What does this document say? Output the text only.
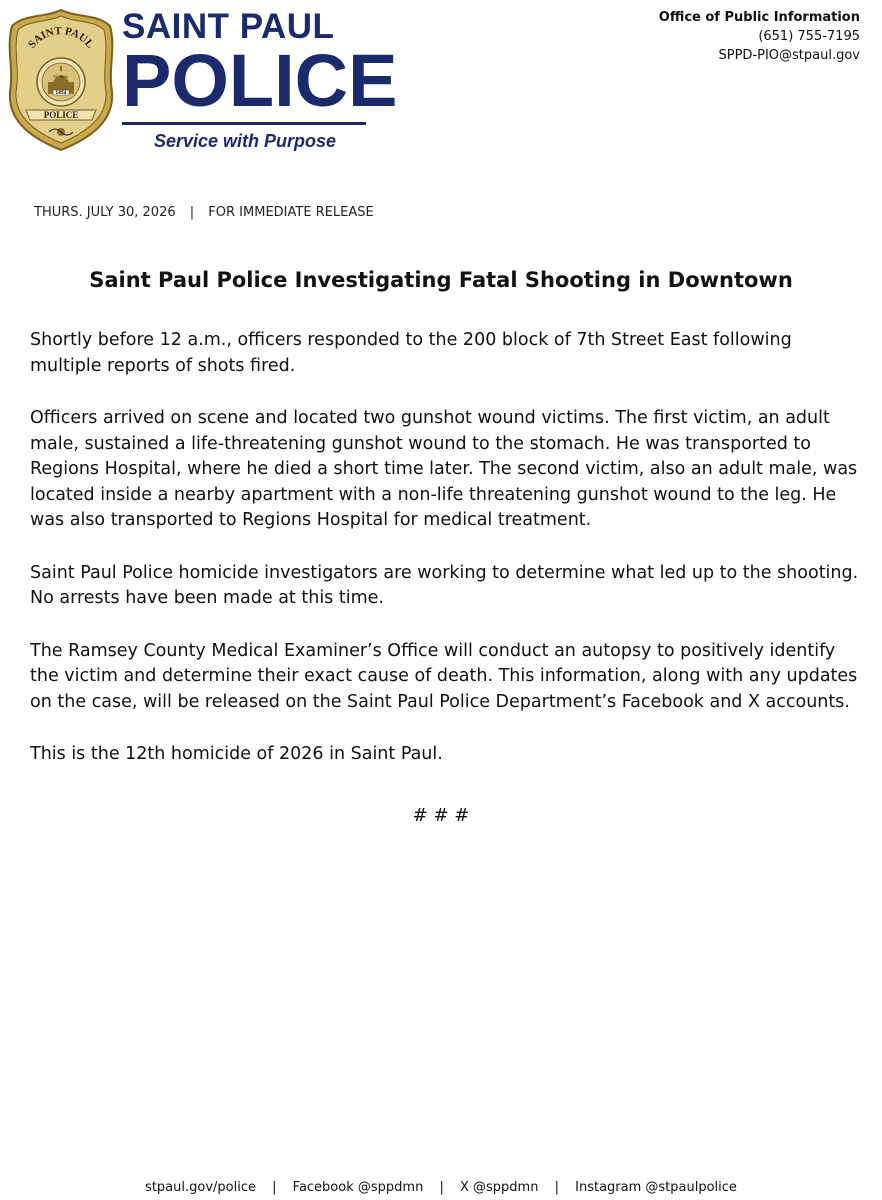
SAINT PAUL
1854
ST. PAUL
POLICE
SAINT PAUL
POLICE
Service with Purpose
Office of Public Information
(651) 755-7195
SPPD-PIO@stpaul.gov
THURS. JULY 30, 2026 | FOR IMMEDIATE RELEASE
Saint Paul Police Investigating Fatal Shooting in Downtown

Shortly before 12 a.m., officers responded to the 200 block of 7th Street East following multiple reports of shots fired.

Officers arrived on scene and located two gunshot wound victims. The first victim, an adult male, sustained a life-threatening gunshot wound to the stomach. He was transported to Regions Hospital, where he died a short time later. The second victim, also an adult male, was located inside a nearby apartment with a non-life threatening gunshot wound to the leg. He was also transported to Regions Hospital for medical treatment.

Saint Paul Police homicide investigators are working to determine what led up to the shooting. No arrests have been made at this time.

The Ramsey County Medical Examiner’s Office will conduct an autopsy to positively identify the victim and determine their exact cause of death. This information, along with any updates on the case, will be released on the Saint Paul Police Department’s Facebook and X accounts.

This is the 12th homicide of 2026 in Saint Paul.

# # #
stpaul.gov/police | Facebook @sppdmn | X @sppdmn | Instagram @stpaulpolice
